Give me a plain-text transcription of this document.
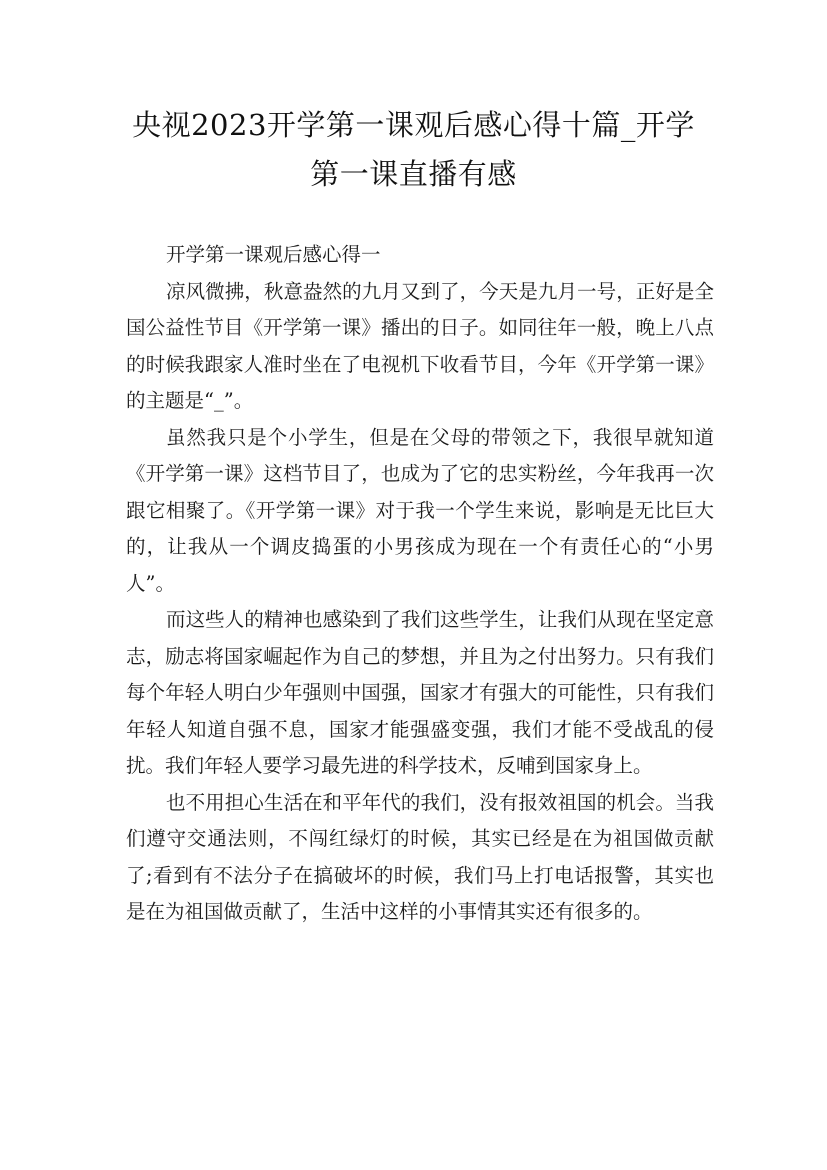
央视2023开学第一课观后感心得十篇_开学
第一课直播有感

开学第一课观后感心得一

凉风微拂，秋意盎然的九月又到了，今天是九月一号，正好是全国公益性节目《开学第一课》播出的日子。如同往年一般，晚上八点的时候我跟家人准时坐在了电视机下收看节目，今年《开学第一课》的主题是“_”。

虽然我只是个小学生，但是在父母的带领之下，我很早就知道《开学第一课》这档节目了，也成为了它的忠实粉丝，今年我再一次跟它相聚了。《开学第一课》对于我一个学生来说，影响是无比巨大的，让我从一个调皮捣蛋的小男孩成为现在一个有责任心的“小男人”。

而这些人的精神也感染到了我们这些学生，让我们从现在坚定意志，励志将国家崛起作为自己的梦想，并且为之付出努力。只有我们每个年轻人明白少年强则中国强，国家才有强大的可能性，只有我们年轻人知道自强不息，国家才能强盛变强，我们才能不受战乱的侵扰。我们年轻人要学习最先进的科学技术，反哺到国家身上。

也不用担心生活在和平年代的我们，没有报效祖国的机会。当我们遵守交通法则，不闯红绿灯的时候，其实已经是在为祖国做贡献了;看到有不法分子在搞破坏的时候，我们马上打电话报警，其实也是在为祖国做贡献了，生活中这样的小事情其实还有很多的。
